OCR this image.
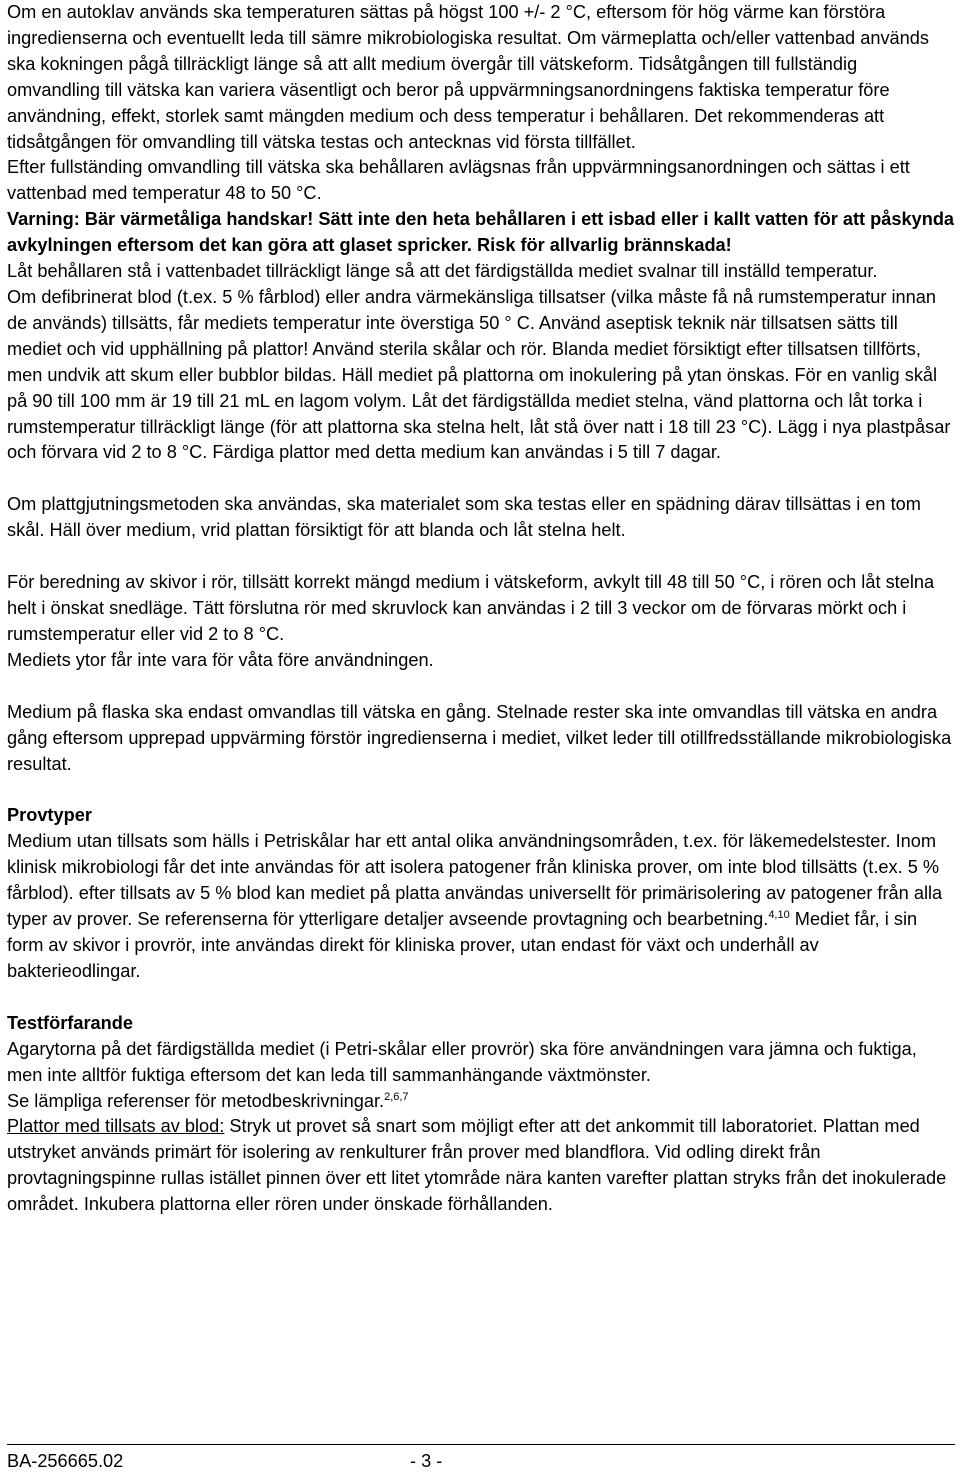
Om en autoklav används ska temperaturen sättas på högst 100 +/- 2 °C, eftersom för hög värme kan förstöra ingredienserna och eventuellt leda till sämre mikrobiologiska resultat. Om värmeplatta och/eller vattenbad används ska kokningen pågå tillräckligt länge så att allt medium övergår till vätskeform. Tidsåtgången till fullständig omvandling till vätska kan variera väsentligt och beror på uppvärmningsanordningens faktiska temperatur före användning, effekt, storlek samt mängden medium och dess temperatur i behållaren. Det rekommenderas att tidsåtgången för omvandling till vätska testas och antecknas vid första tillfället.

Efter fullständing omvandling till vätska ska behållaren avlägsnas från uppvärmningsanordningen och sättas i ett vattenbad med temperatur 48 to 50 °C.

Varning: Bär värmetåliga handskar! Sätt inte den heta behållaren i ett isbad eller i kallt vatten för att påskynda avkylningen eftersom det kan göra att glaset spricker. Risk för allvarlig brännskada!

Låt behållaren stå i vattenbadet tillräckligt länge så att det färdigställda mediet svalnar till inställd temperatur.

Om defibrinerat blod (t.ex. 5 % fårblod) eller andra värmekänsliga tillsatser (vilka måste få nå rumstemperatur innan de används) tillsätts, får mediets temperatur inte överstiga 50 ° C. Använd aseptisk teknik när tillsatsen sätts till mediet och vid upphällning på plattor! Använd sterila skålar och rör. Blanda mediet försiktigt efter tillsatsen tillförts, men undvik att skum eller bubblor bildas. Häll mediet på plattorna om inokulering på ytan önskas. För en vanlig skål på 90 till 100 mm är 19 till 21 mL en lagom volym. Låt det färdigställda mediet stelna, vänd plattorna och låt torka i rumstemperatur tillräckligt länge (för att plattorna ska stelna helt, låt stå över natt i 18 till 23 °C). Lägg i nya plastpåsar och förvara vid 2 to 8 °C. Färdiga plattor med detta medium kan användas i 5 till 7 dagar.

Om plattgjutningsmetoden ska användas, ska materialet som ska testas eller en spädning därav tillsättas i en tom skål. Häll över medium, vrid plattan försiktigt för att blanda och låt stelna helt.

För beredning av skivor i rör, tillsätt korrekt mängd medium i vätskeform, avkylt till 48 till 50 °C, i rören och låt stelna helt i önskat snedläge. Tätt förslutna rör med skruvlock kan användas i 2 till 3 veckor om de förvaras mörkt och i rumstemperatur eller vid 2 to 8 °C.

Mediets ytor får inte vara för våta före användningen.

Medium på flaska ska endast omvandlas till vätska en gång. Stelnade rester ska inte omvandlas till vätska en andra gång eftersom upprepad uppvärming förstör ingredienserna i mediet, vilket leder till otillfredsställande mikrobiologiska resultat.

Provtyper

Medium utan tillsats som hälls i Petriskålar har ett antal olika användningsområden, t.ex. för läkemedelstester. Inom klinisk mikrobiologi får det inte användas för att isolera patogener från kliniska prover, om inte blod tillsätts (t.ex. 5 % fårblod). efter tillsats av 5 % blod kan mediet på platta användas universellt för primärisolering av patogener från alla typer av prover. Se referenserna för ytterligare detaljer avseende provtagning och bearbetning.$^{4,10}$ Mediet får, i sin form av skivor i provrör, inte användas direkt för kliniska prover, utan endast för växt och underhåll av bakterieodlingar.

Testförfarande

Agarytorna på det färdigställda mediet (i Petri-skålar eller provrör) ska före användningen vara jämna och fuktiga, men inte alltför fuktiga eftersom det kan leda till sammanhängande växtmönster.

Se lämpliga referenser för metodbeskrivningar.$^{2,6,7}$

Plattor med tillsats av blod: Stryk ut provet så snart som möjligt efter att det ankommit till laboratoriet. Plattan med utstryket används primärt för isolering av renkulturer från prover med blandflora. Vid odling direkt från provtagningspinne rullas istället pinnen över ett litet ytområde nära kanten varefter plattan stryks från det inokulerade området. Inkubera plattorna eller rören under önskade förhållanden.

BA-256665.02	- 3 -
